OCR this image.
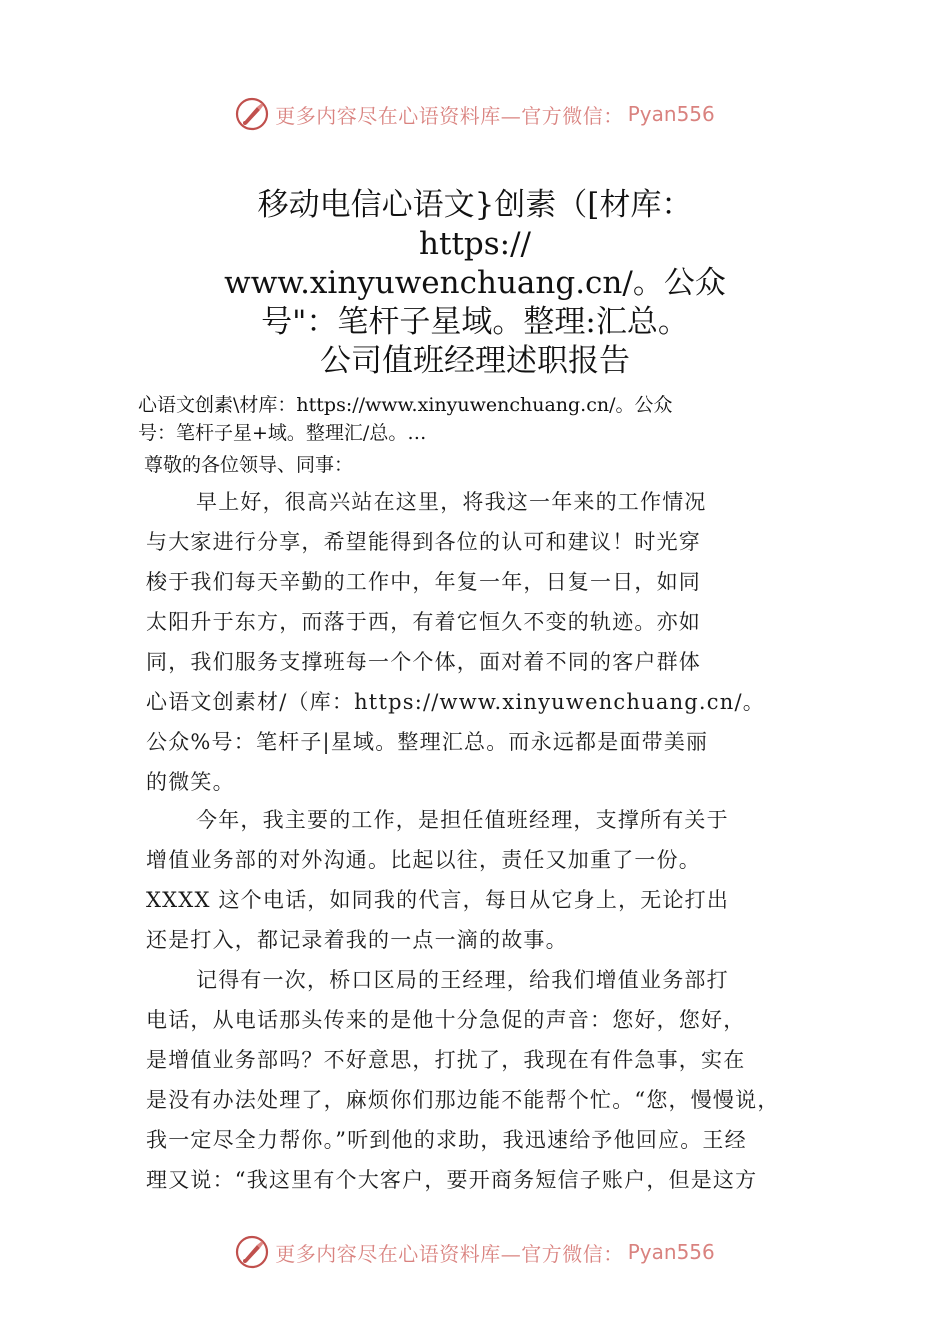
更多内容尽在心语资料库—官方微信： Pyan556
移动电信心语文}创素（[材库：
https://
www.xinyuwenchuang.cn/。公众
号"：笔杆子星域。整理:汇总。
公司值班经理述职报告
心语文创素\材库：https://www.xinyuwenchuang.cn/。公众
号：笔杆子星+域。整理汇/总。…
尊敬的各位领导、同事：
早上好，很高兴站在这里，将我这一年来的工作情况
与大家进行分享，希望能得到各位的认可和建议！时光穿
梭于我们每天辛勤的工作中，年复一年，日复一日，如同
太阳升于东方，而落于西，有着它恒久不变的轨迹。亦如
同，我们服务支撑班每一个个体，面对着不同的客户群体
心语文创素材/（库：https://www.xinyuwenchuang.cn/。
公众%号：笔杆子|星域。整理汇总。而永远都是面带美丽
的微笑。
今年，我主要的工作，是担任值班经理，支撑所有关于
增值业务部的对外沟通。比起以往，责任又加重了一份。
XXXX 这个电话，如同我的代言，每日从它身上，无论打出
还是打入，都记录着我的一点一滴的故事。
记得有一次，桥口区局的王经理，给我们增值业务部打
电话，从电话那头传来的是他十分急促的声音：您好，您好，
是增值业务部吗？不好意思，打扰了，我现在有件急事，实在
是没有办法处理了，麻烦你们那边能不能帮个忙。“您，慢慢说，
我一定尽全力帮你。”听到他的求助，我迅速给予他回应。王经
理又说：“我这里有个大客户，要开商务短信子账户，但是这方
更多内容尽在心语资料库—官方微信： Pyan556
